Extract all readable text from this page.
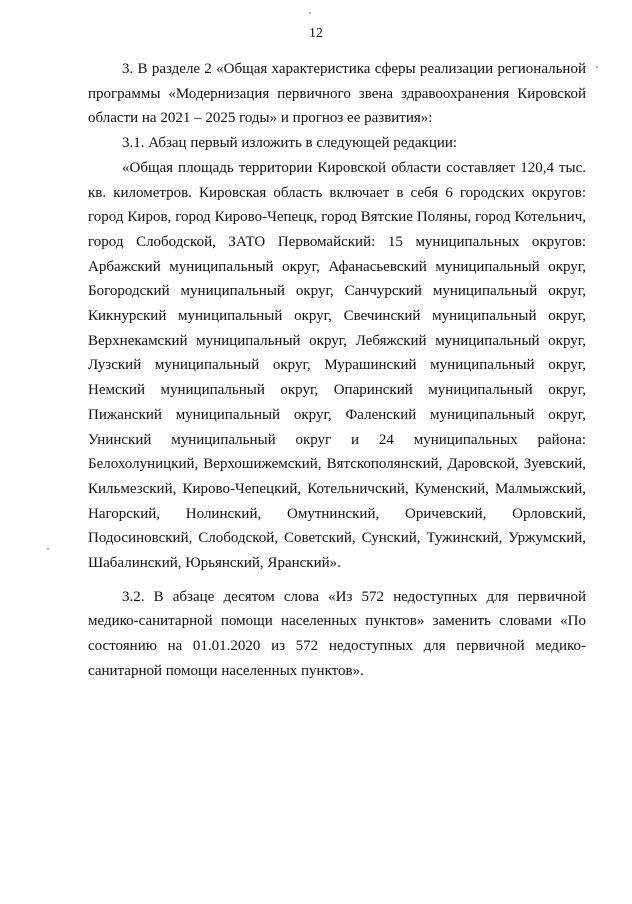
12

3. В разделе 2 «Общая характеристика сферы реализации региональной программы «Модернизация первичного звена здравоохранения Кировской области на 2021 – 2025 годы» и прогноз ее развития»:

3.1. Абзац первый изложить в следующей редакции:

«Общая площадь территории Кировской области составляет 120,4 тыс. кв. километров. Кировская область включает в себя 6 городских округов: город Киров, город Кирово-Чепецк, город Вятские Поляны, город Котельнич, город Слободской, ЗАТО Первомайский: 15 муниципальных округов: Арбажский муниципальный округ, Афанасьевский муниципальный округ, Богородский муниципальный округ, Санчурский муниципальный округ, Кикнурский муниципальный округ, Свечинский муниципальный округ, Верхнекамский муниципальный округ, Лебяжский муниципальный округ, Лузский муниципальный округ, Мурашинский муниципальный округ, Немский муниципальный округ, Опаринский муниципальный округ, Пижанский муниципальный округ, Фаленский муниципальный округ, Унинский муниципальный округ и 24 муниципальных района: Белохолуницкий, Верхошижемский, Вятскополянский, Даровской, Зуевский, Кильмезский, Кирово-Чепецкий, Котельничский, Куменский, Малмыжский, Нагорский, Нолинский, Омутнинский, Оричевский, Орловский, Подосиновский, Слободской, Советский, Сунский, Тужинский, Уржумский, Шабалинский, Юрьянский, Яранский».

3.2. В абзаце десятом слова «Из 572 недоступных для первичной медико-санитарной помощи населенных пунктов» заменить словами «По состоянию на 01.01.2020 из 572 недоступных для первичной медико-санитарной помощи населенных пунктов».
